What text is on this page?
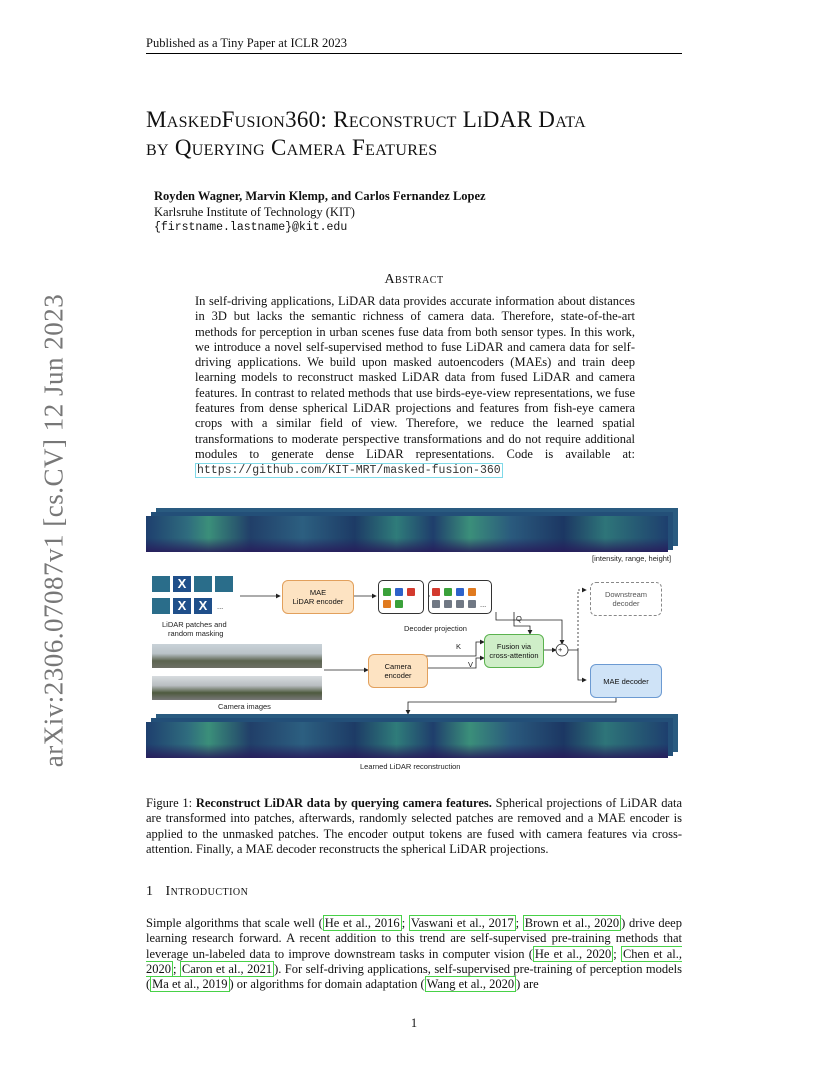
arXiv:2306.07087v1 [cs.CV] 12 Jun 2023
Published as a Tiny Paper at ICLR 2023
MaskedFusion360: Reconstruct LiDAR Data
by Querying Camera Features
Royden Wagner, Marvin Klemp, and Carlos Fernandez Lopez
Karlsruhe Institute of Technology (KIT)
{firstname.lastname}@kit.edu
Abstract
In self-driving applications, LiDAR data provides accurate information about distances in 3D but lacks the semantic richness of camera data. Therefore, state-of-the-art methods for perception in urban scenes fuse data from both sensor types. In this work, we introduce a novel self-supervised method to fuse LiDAR and camera data for self-driving applications. We build upon masked autoencoders (MAEs) and train deep learning models to reconstruct masked LiDAR data from fused LiDAR and camera features. In contrast to related methods that use birds-eye-view representations, we fuse features from dense spherical LiDAR projections and features from fish-eye camera crops with a similar field of view. Therefore, we reduce the learned spatial transformations to moderate perspective transformations and do not require additional modules to generate dense LiDAR representations. Code is available at: https://github.com/KIT-MRT/masked-fusion-360
[intensity, range, height]
X
X X	...
LiDAR patches and
random masking
MAE
LiDAR encoder	...
Decoder projection
Q
K
V
Fusion via
cross-attention
+
Camera
encoder
Downstream
decoder
MAE decoder
Camera images
Learned LiDAR reconstruction
Figure 1: Reconstruct LiDAR data by querying camera features. Spherical projections of LiDAR data are transformed into patches, afterwards, randomly selected patches are removed and a MAE encoder is applied to the unmasked patches. The encoder output tokens are fused with camera features via cross-attention. Finally, a MAE decoder reconstructs the spherical LiDAR projections.
1 Introduction
Simple algorithms that scale well ( He et al., 2016 ; Vaswani et al., 2017 ; Brown et al., 2020 ) drive deep learning research forward. A recent addition to this trend are self-supervised pre-training methods that leverage un-labeled data to improve downstream tasks in computer vision ( He et al., 2020 ; Chen et al., 2020 ; Caron et al., 2021 ). For self-driving applications, self-supervised pre-training of perception models ( Ma et al., 2019 ) or algorithms for domain adaptation ( Wang et al., 2020 ) are
1
